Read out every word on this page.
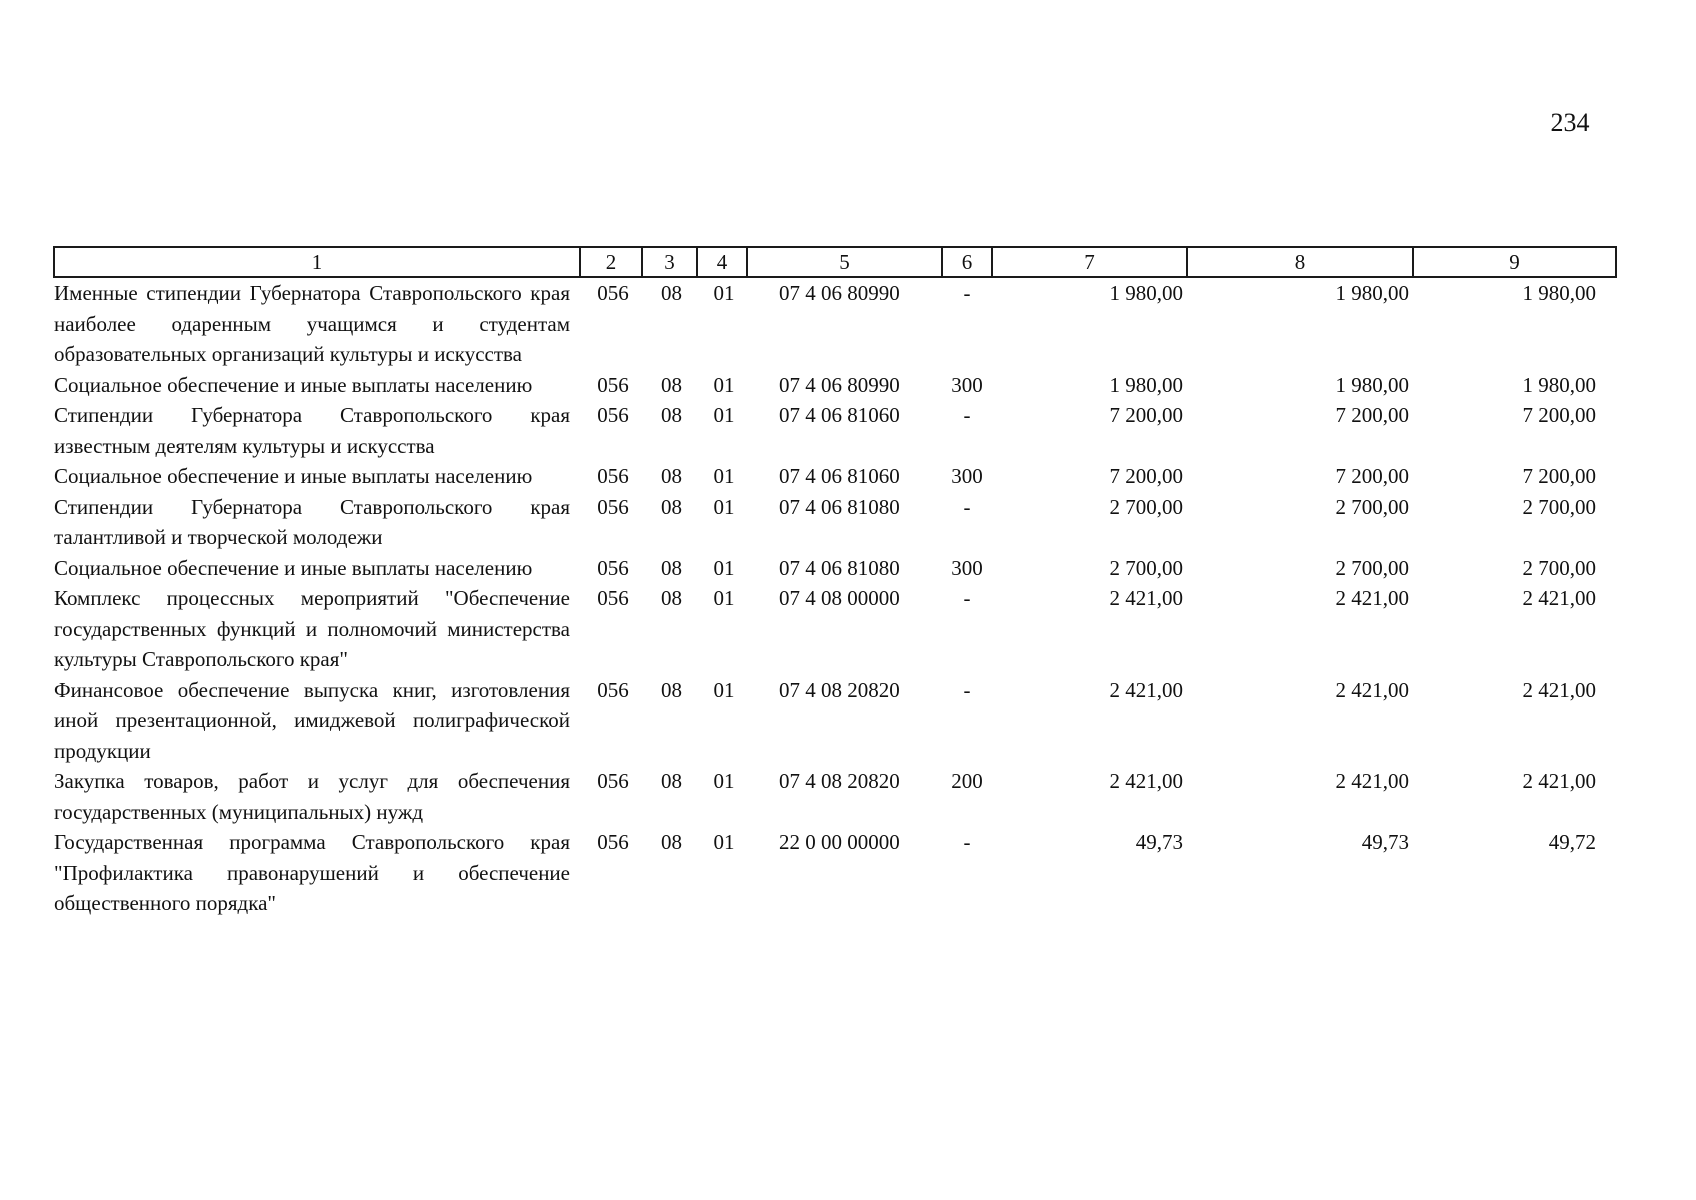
234
1	2	3	4	5	6	7	8	9
Именные стипендии Губернатора Ставропольского края наиболее одаренным учащимся и студентам образовательных организаций культуры и искусства	056	08	01	07 4 06 80990	-	1 980,00	1 980,00	1 980,00
Социальное обеспечение и иные выплаты населению	056	08	01	07 4 06 80990	300	1 980,00	1 980,00	1 980,00
Стипендии Губернатора Ставропольского края известным деятелям культуры и искусства	056	08	01	07 4 06 81060	-	7 200,00	7 200,00	7 200,00
Социальное обеспечение и иные выплаты населению	056	08	01	07 4 06 81060	300	7 200,00	7 200,00	7 200,00
Стипендии Губернатора Ставропольского края талантливой и творческой молодежи	056	08	01	07 4 06 81080	-	2 700,00	2 700,00	2 700,00
Социальное обеспечение и иные выплаты населению	056	08	01	07 4 06 81080	300	2 700,00	2 700,00	2 700,00
Комплекс процессных мероприятий "Обеспечение государственных функций и полномочий министерства культуры Ставропольского края"	056	08	01	07 4 08 00000	-	2 421,00	2 421,00	2 421,00
Финансовое обеспечение выпуска книг, изготовления иной презентационной, имиджевой полиграфической продукции	056	08	01	07 4 08 20820	-	2 421,00	2 421,00	2 421,00
Закупка товаров, работ и услуг для обеспечения государственных (муниципальных) нужд	056	08	01	07 4 08 20820	200	2 421,00	2 421,00	2 421,00
Государственная программа Ставропольского края "Профилактика правонарушений и обеспечение общественного порядка"	056	08	01	22 0 00 00000	-	49,73	49,73	49,72
